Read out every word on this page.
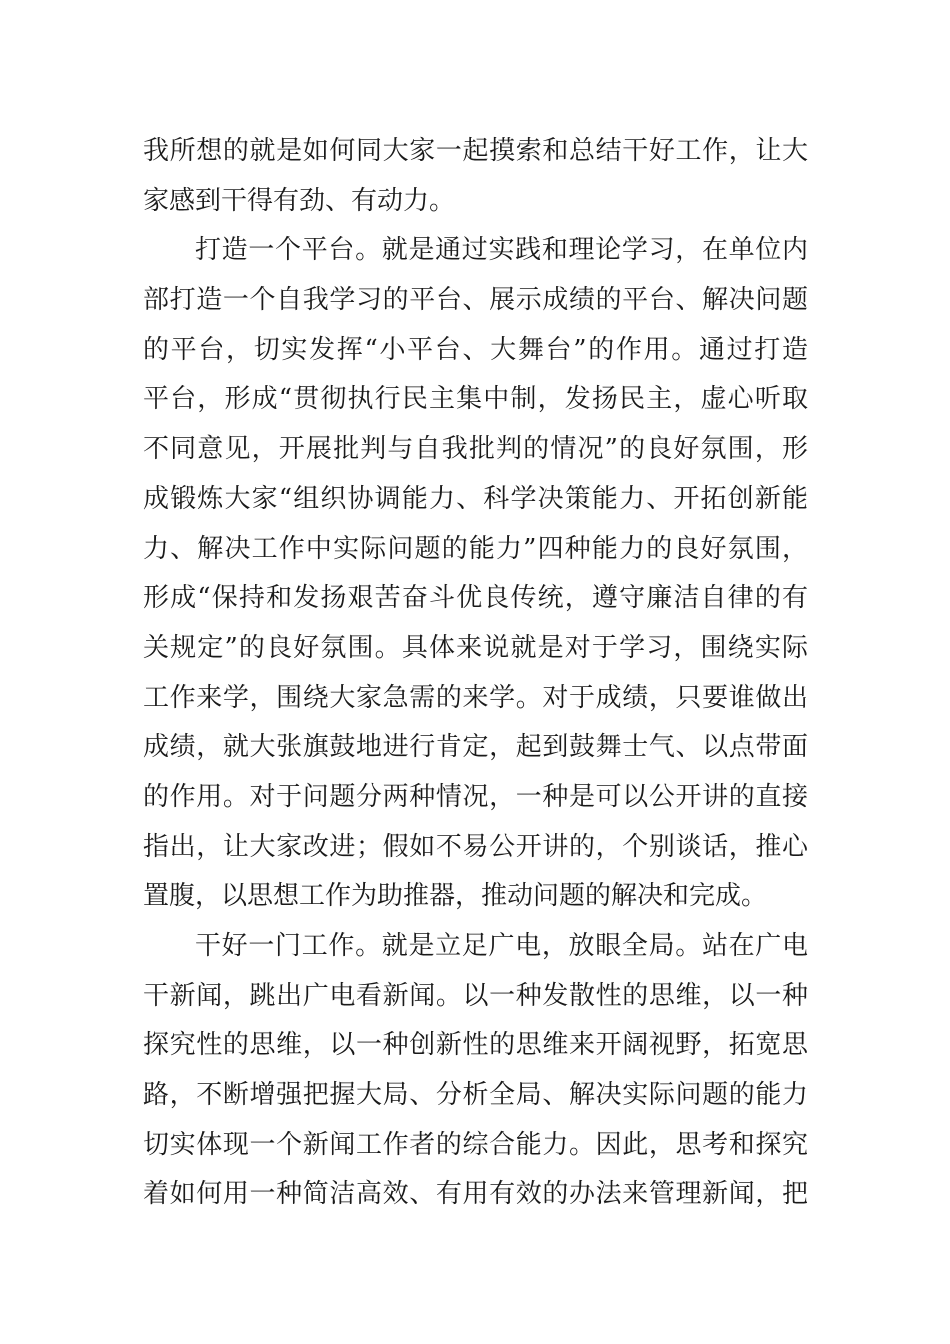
我所想的就是如何同大家一起摸索和总结干好工作，让大
家感到干得有劲、有动力。
打造一个平台。就是通过实践和理论学习，在单位内
部打造一个自我学习的平台、展示成绩的平台、解决问题
的平台，切实发挥“小平台、大舞台”的作用。通过打造
平台，形成“贯彻执行民主集中制，发扬民主，虚心听取
不同意见，开展批判与自我批判的情况”的良好氛围，形
成锻炼大家“组织协调能力、科学决策能力、开拓创新能
力、解决工作中实际问题的能力”四种能力的良好氛围，
形成“保持和发扬艰苦奋斗优良传统，遵守廉洁自律的有
关规定”的良好氛围。具体来说就是对于学习，围绕实际
工作来学，围绕大家急需的来学。对于成绩，只要谁做出
成绩，就大张旗鼓地进行肯定，起到鼓舞士气、以点带面
的作用。对于问题分两种情况，一种是可以公开讲的直接
指出，让大家改进；假如不易公开讲的，个别谈话，推心
置腹，以思想工作为助推器，推动问题的解决和完成。
干好一门工作。就是立足广电，放眼全局。站在广电
干新闻，跳出广电看新闻。以一种发散性的思维，以一种
探究性的思维，以一种创新性的思维来开阔视野，拓宽思
路，不断增强把握大局、分析全局、解决实际问题的能力
切实体现一个新闻工作者的综合能力。因此，思考和探究
着如何用一种简洁高效、有用有效的办法来管理新闻，把
